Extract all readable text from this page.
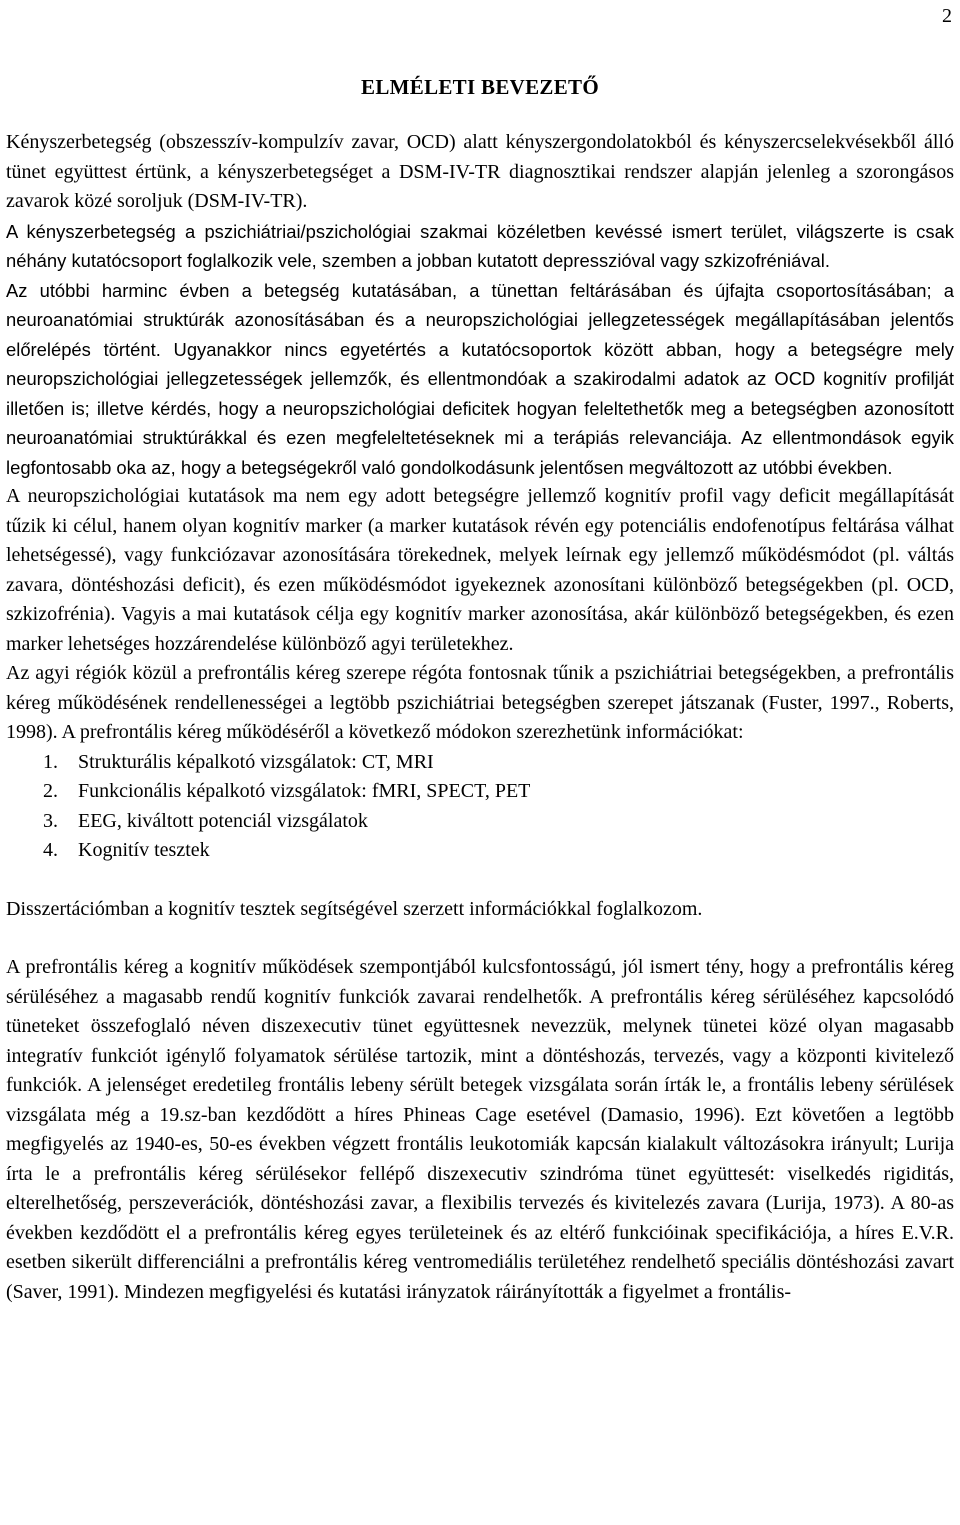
2
ELMÉLETI BEVEZETŐ

Kényszerbetegség (obszesszív-kompulzív zavar, OCD) alatt kényszergondolatokból és kényszercselekvésekből álló tünet együttest értünk, a kényszerbetegséget a DSM-IV-TR diagnosztikai rendszer alapján jelenleg a szorongásos zavarok közé soroljuk (DSM-IV-TR).

A kényszerbetegség a pszichiátriai/pszichológiai szakmai közéletben kevéssé ismert terület, világszerte is csak néhány kutatócsoport foglalkozik vele, szemben a jobban kutatott depresszióval vagy szkizofréniával.

Az utóbbi harminc évben a betegség kutatásában, a tünettan feltárásában és újfajta csoportosításában; a neuroanatómiai struktúrák azonosításában és a neuropszichológiai jellegzetességek megállapításában jelentős előrelépés történt. Ugyanakkor nincs egyetértés a kutatócsoportok között abban, hogy a betegségre mely neuropszichológiai jellegzetességek jellemzők, és ellentmondóak a szakirodalmi adatok az OCD kognitív profilját illetően is; illetve kérdés, hogy a neuropszichológiai deficitek hogyan feleltethetők meg a betegségben azonosított neuroanatómiai struktúrákkal és ezen megfeleltetéseknek mi a terápiás relevanciája. Az ellentmondások egyik legfontosabb oka az, hogy a betegségekről való gondolkodásunk jelentősen megváltozott az utóbbi években.

A neuropszichológiai kutatások ma nem egy adott betegségre jellemző kognitív profil vagy deficit megállapítását tűzik ki célul, hanem olyan kognitív marker (a marker kutatások révén egy potenciális endofenotípus feltárása válhat lehetségessé), vagy funkciózavar azonosítására törekednek, melyek leírnak egy jellemző működésmódot (pl. váltás zavara, döntéshozási deficit), és ezen működésmódot igyekeznek azonosítani különböző betegségekben (pl. OCD, szkizofrénia). Vagyis a mai kutatások célja egy kognitív marker azonosítása, akár különböző betegségekben, és ezen marker lehetséges hozzárendelése különböző agyi területekhez.

Az agyi régiók közül a prefrontális kéreg szerepe régóta fontosnak tűnik a pszichiátriai betegségekben, a prefrontális kéreg működésének rendellenességei a legtöbb pszichiátriai betegségben szerepet játszanak (Fuster, 1997., Roberts, 1998). A prefrontális kéreg működéséről a következő módokon szerezhetünk információkat:

1. Strukturális képalkotó vizsgálatok: CT, MRI
2. Funkcionális képalkotó vizsgálatok: fMRI, SPECT, PET
3. EEG, kiváltott potenciál vizsgálatok
4. Kognitív tesztek

Disszertációmban a kognitív tesztek segítségével szerzett információkkal foglalkozom.

A prefrontális kéreg a kognitív működések szempontjából kulcsfontosságú, jól ismert tény, hogy a prefrontális kéreg sérüléséhez a magasabb rendű kognitív funkciók zavarai rendelhetők. A prefrontális kéreg sérüléséhez kapcsolódó tüneteket összefoglaló néven diszexecutiv tünet együttesnek nevezzük, melynek tünetei közé olyan magasabb integratív funkciót igénylő folyamatok sérülése tartozik, mint a döntéshozás, tervezés, vagy a központi kivitelező funkciók. A jelenséget eredetileg frontális lebeny sérült betegek vizsgálata során írták le, a frontális lebeny sérülések vizsgálata még a 19.sz-ban kezdődött a híres Phineas Cage esetével (Damasio, 1996). Ezt követően a legtöbb megfigyelés az 1940-es, 50-es években végzett frontális leukotomiák kapcsán kialakult változásokra irányult; Lurija írta le a prefrontális kéreg sérülésekor fellépő diszexecutiv szindróma tünet együttesét: viselkedés rigiditás, elterelhetőség, perszeverációk, döntéshozási zavar, a flexibilis tervezés és kivitelezés zavara (Lurija, 1973). A 80-as években kezdődött el a prefrontális kéreg egyes területeinek és az eltérő funkcióinak specifikációja, a híres E.V.R. esetben sikerült differenciálni a prefrontális kéreg ventromediális területéhez rendelhető speciális döntéshozási zavart (Saver, 1991). Mindezen megfigyelési és kutatási irányzatok ráirányították a figyelmet a frontális-
